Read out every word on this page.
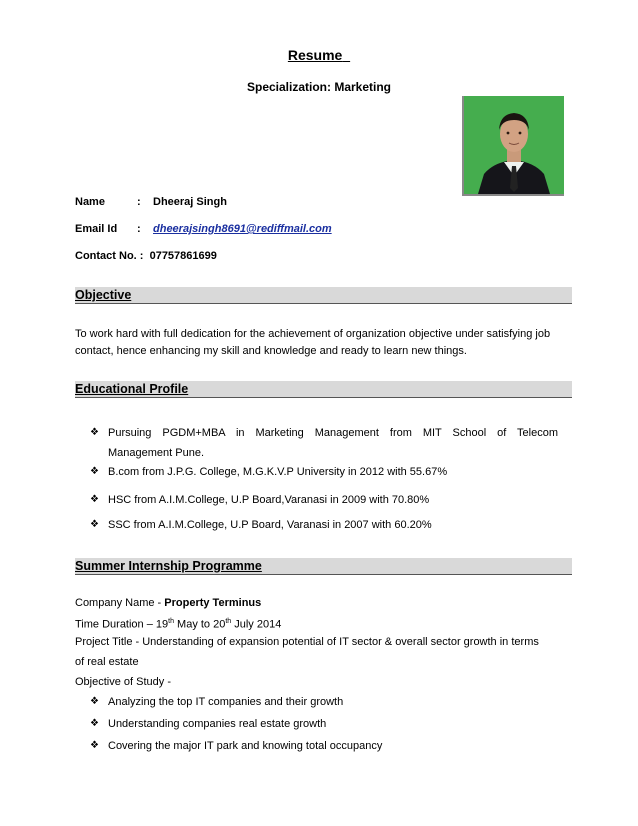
Resume
Specialization: Marketing
Name	: Dheeraj Singh
Email Id : dheerajsingh8691@rediffmail.com
Contact No. : 07757861699
Objective
To work hard with full dedication for the achievement of organization objective under satisfying job contact, hence enhancing my skill and knowledge and ready to learn new things.
Educational Profile
❖ Pursuing PGDM+MBA in Marketing Management from MIT School of Telecom
Management Pune.
❖ B.com from J.P.G. College, M.G.K.V.P University in 2012 with 55.67%
❖ HSC from A.I.M.College, U.P Board,Varanasi in 2009 with 70.80%
❖ SSC from A.I.M.College, U.P Board, Varanasi in 2007 with 60.20%
Summer Internship Programme
Company Name - Property Terminus
Time Duration – 19th May to 20th July 2014
Project Title - Understanding of expansion potential of IT sector & overall sector growth in terms
of real estate
Objective of Study -
❖ Analyzing the top IT companies and their growth
❖ Understanding companies real estate growth
❖ Covering the major IT park and knowing total occupancy
